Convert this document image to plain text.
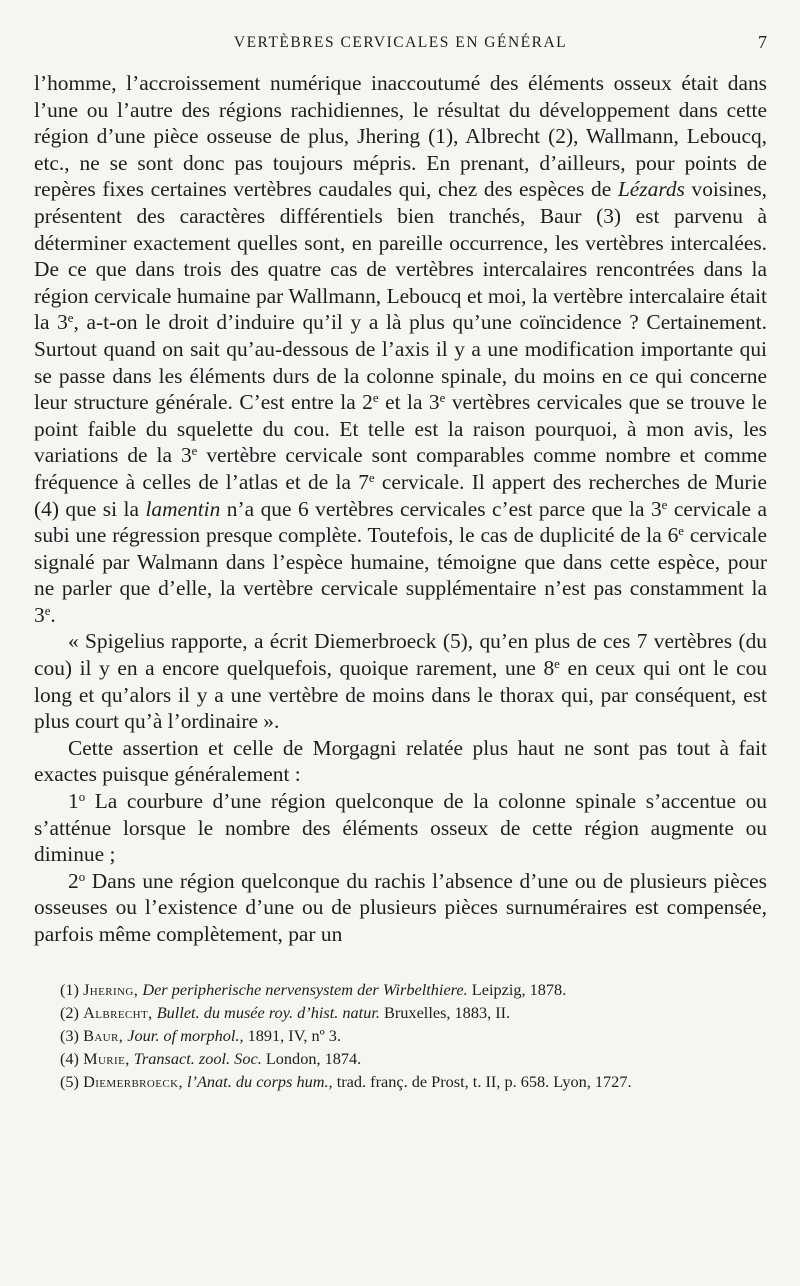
VERTÈBRES CERVICALES EN GÉNÉRAL	7

l’homme, l’accroissement numérique inaccoutumé des éléments osseux était dans l’une ou l’autre des régions rachidiennes, le résultat du développement dans cette région d’une pièce osseuse de plus, Jhering (1), Albrecht (2), Wallmann, Leboucq, etc., ne se sont donc pas toujours mépris. En prenant, d’ailleurs, pour points de repères fixes certaines vertèbres caudales qui, chez des espèces de Lézards voisines, présentent des caractères différentiels bien tranchés, Baur (3) est parvenu à déterminer exactement quelles sont, en pareille occurrence, les vertèbres intercalées. De ce que dans trois des quatre cas de vertèbres intercalaires rencontrées dans la région cervicale humaine par Wallmann, Leboucq et moi, la vertèbre intercalaire était la 3e, a-t-on le droit d’induire qu’il y a là plus qu’une coïncidence ? Certainement. Surtout quand on sait qu’au-dessous de l’axis il y a une modification importante qui se passe dans les éléments durs de la colonne spinale, du moins en ce qui concerne leur structure générale. C’est entre la 2e et la 3e vertèbres cervicales que se trouve le point faible du squelette du cou. Et telle est la raison pourquoi, à mon avis, les variations de la 3e vertèbre cervicale sont comparables comme nombre et comme fréquence à celles de l’atlas et de la 7e cervicale. Il appert des recherches de Murie (4) que si la lamentin n’a que 6 vertèbres cervicales c’est parce que la 3e cervicale a subi une régression presque complète. Toutefois, le cas de duplicité de la 6e cervicale signalé par Walmann dans l’espèce humaine, témoigne que dans cette espèce, pour ne parler que d’elle, la vertèbre cervicale supplémentaire n’est pas constamment la 3e.

« Spigelius rapporte, a écrit Diemerbroeck (5), qu’en plus de ces 7 vertèbres (du cou) il y en a encore quelquefois, quoique rarement, une 8e en ceux qui ont le cou long et qu’alors il y a une vertèbre de moins dans le thorax qui, par conséquent, est plus court qu’à l’ordinaire ».

Cette assertion et celle de Morgagni relatée plus haut ne sont pas tout à fait exactes puisque généralement :

1$^o$ La courbure d’une région quelconque de la colonne spinale s’accentue ou s’atténue lorsque le nombre des éléments osseux de cette région augmente ou diminue ;

2$^o$ Dans une région quelconque du rachis l’absence d’une ou de plusieurs pièces osseuses ou l’existence d’une ou de plusieurs pièces surnuméraires est compensée, parfois même complètement, par un

(1) Jhering, Der peripherische nervensystem der Wirbelthiere. Leipzig, 1878.

(2) Albrecht, Bullet. du musée roy. d’hist. natur. Bruxelles, 1883, II.

(3) Baur, Jour. of morphol., 1891, IV, nº 3.

(4) Murie, Transact. zool. Soc. London, 1874.

(5) Diemerbroeck, l’Anat. du corps hum., trad. franç. de Prost, t. II, p. 658. Lyon, 1727.
